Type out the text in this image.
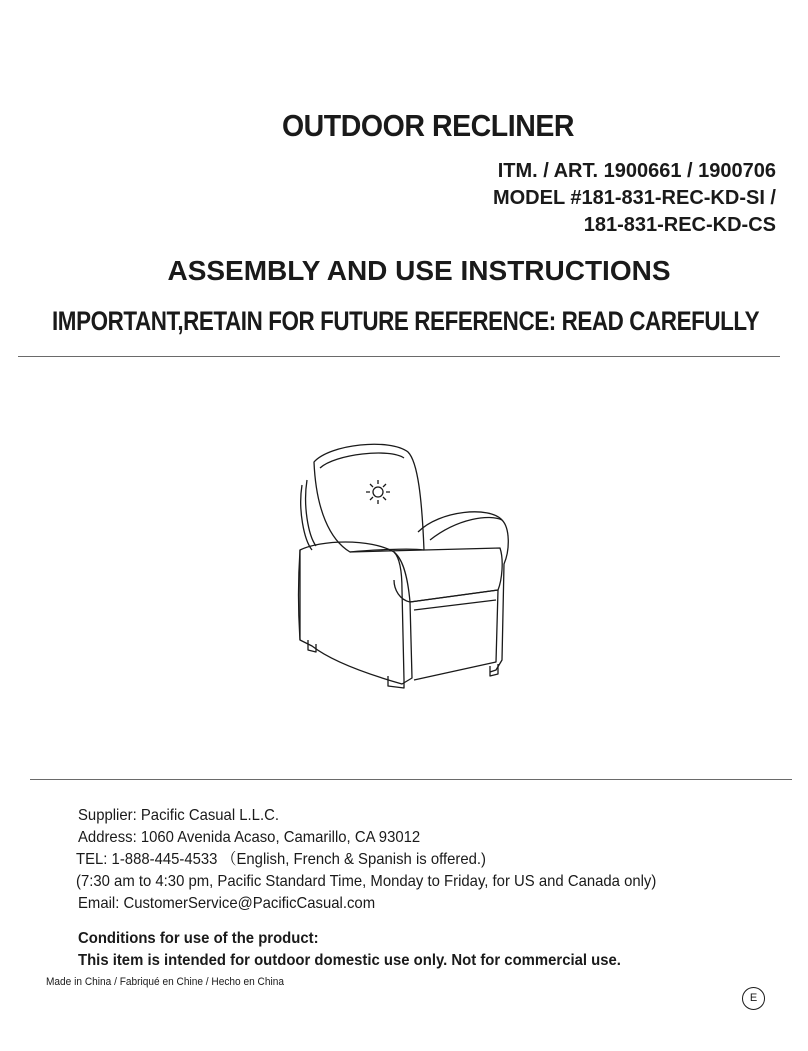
OUTDOOR RECLINER
ITM. / ART. 1900661 / 1900706
MODEL #181-831-REC-KD-SI /
181-831-REC-KD-CS
ASSEMBLY AND USE INSTRUCTIONS
IMPORTANT,RETAIN FOR FUTURE REFERENCE: READ CAREFULLY
Supplier: Pacific Casual L.L.C.
Address: 1060 Avenida Acaso, Camarillo, CA 93012
TEL: 1-888-445-4533 （English, French & Spanish is offered.)
(7:30 am to 4:30 pm, Pacific Standard Time, Monday to Friday, for US and Canada only)
Email: CustomerService@PacificCasual.com
Conditions for use of the product:
This item is intended for outdoor domestic use only. Not for commercial use.
Made in China / Fabriqué en Chine / Hecho en China
E
